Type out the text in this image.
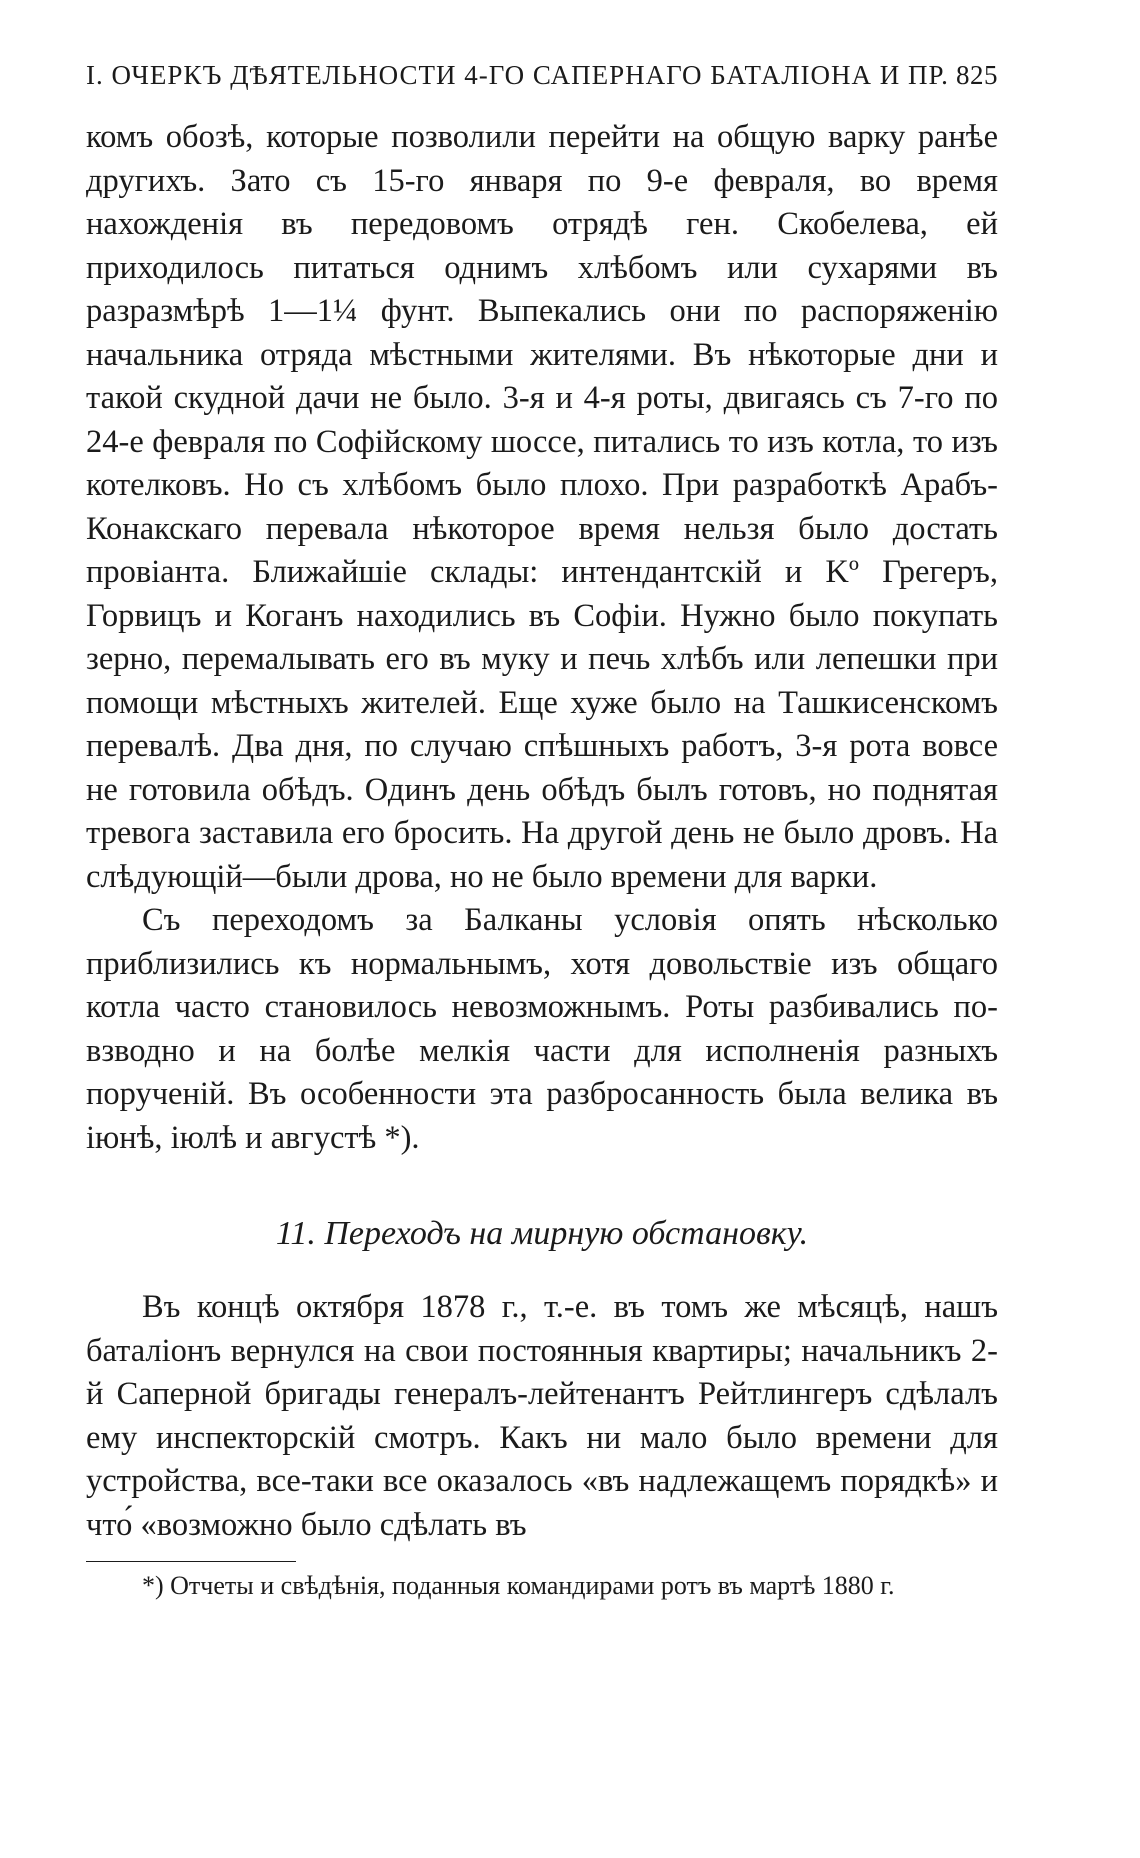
I. ОЧЕРКЪ ДѢЯТЕЛЬНОСТИ 4-ГО САПЕРНАГО БАТАЛІОНА И ПР. 825

комъ обозѣ, которые позволили перейти на общую варку ранѣе другихъ. Зато съ 15-го января по 9-е февраля, во время нахожденія въ передовомъ отрядѣ ген. Скобелева, ей приходилось питаться однимъ хлѣбомъ или сухарями въ разразмѣрѣ 1—1¼ фунт. Выпекались они по распоряженію начальника отряда мѣстными жителями. Въ нѣкоторые дни и такой скудной дачи не было. 3-я и 4-я роты, двигаясь съ 7-го по 24-е февраля по Софійскому шоссе, питались то изъ котла, то изъ котелковъ. Но съ хлѣбомъ было плохо. При разработкѣ Арабъ-Конакскаго перевала нѣкоторое время нельзя было достать провіанта. Ближайшіе склады: интендантскій и Kº Грегеръ, Горвицъ и Коганъ находились въ Софіи. Нужно было покупать зерно, перемалывать его въ муку и печь хлѣбъ или лепешки при помощи мѣстныхъ жителей. Еще хуже было на Ташкисенскомъ перевалѣ. Два дня, по случаю спѣшныхъ работъ, 3-я рота вовсе не готовила обѣдъ. Одинъ день обѣдъ былъ готовъ, но поднятая тревога заставила его бросить. На другой день не было дровъ. На слѣдующій—были дрова, но не было времени для варки.

Съ переходомъ за Балканы условія опять нѣсколько приблизились къ нормальнымъ, хотя довольствіе изъ общаго котла часто становилось невозможнымъ. Роты разбивались по-взводно и на болѣе мелкія части для исполненія разныхъ порученій. Въ особенности эта разбросанность была велика въ іюнѣ, іюлѣ и августѣ *).

11. Переходъ на мирную обстановку.

Въ концѣ октября 1878 г., т.-е. въ томъ же мѣсяцѣ, нашъ баталіонъ вернулся на свои постоянныя квартиры; начальникъ 2-й Саперной бригады генералъ-лейтенантъ Рейтлингеръ сдѣлалъ ему инспекторскій смотръ. Какъ ни мало было времени для устройства, все-таки все оказалось «въ надлежащемъ порядкѣ» и что́ «возможно было сдѣлать въ

*) Отчеты и свѣдѣнія, поданныя командирами ротъ въ мартѣ 1880 г.
